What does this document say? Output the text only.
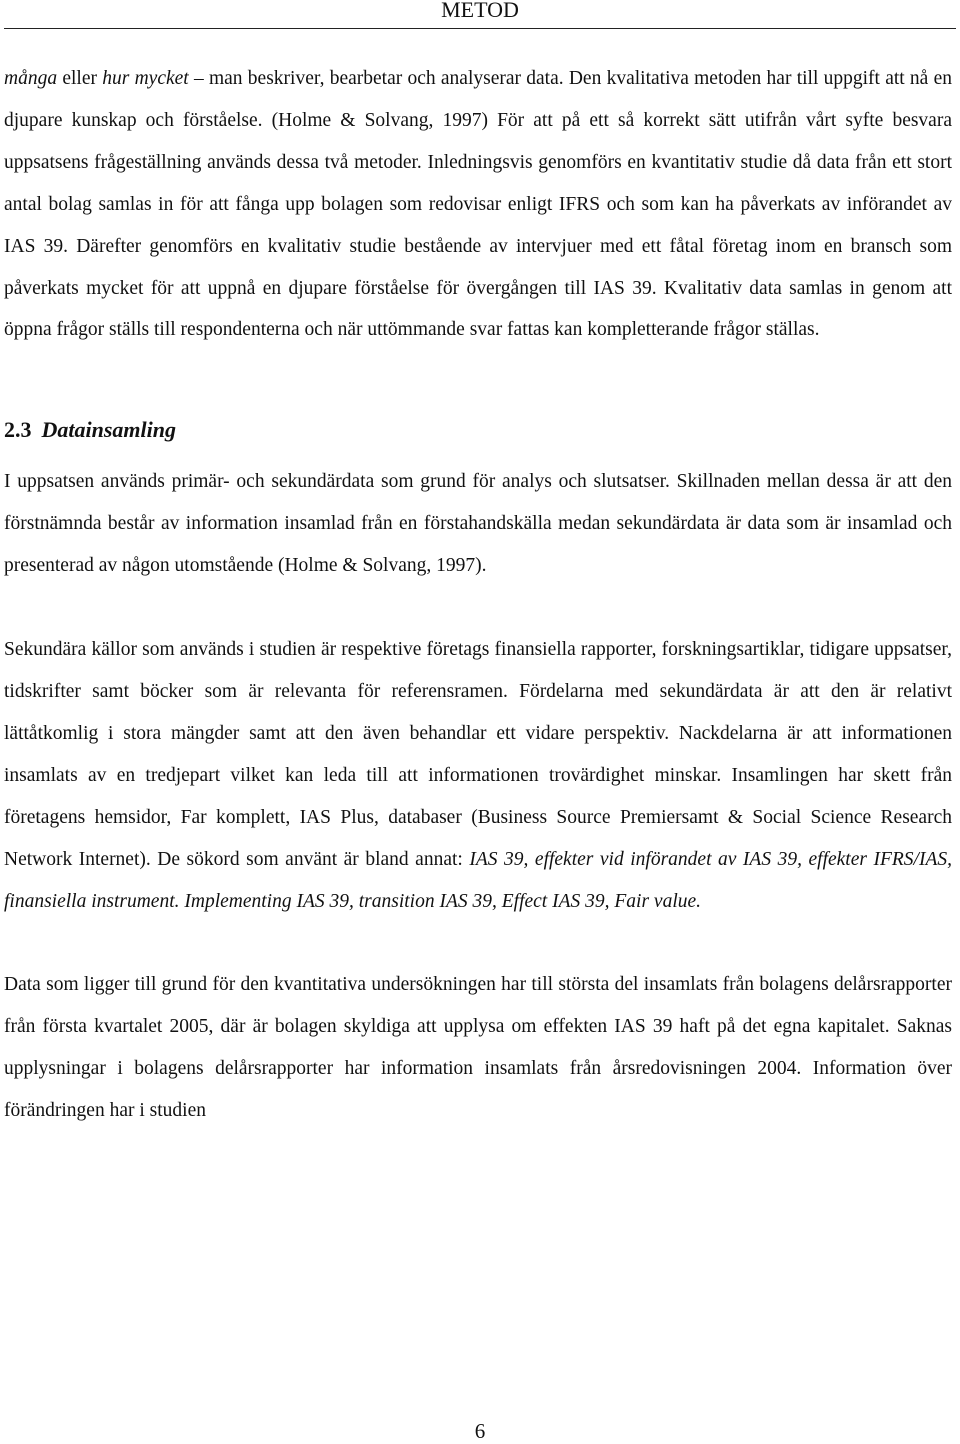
METOD

många eller hur mycket – man beskriver, bearbetar och analyserar data. Den kvalitativa metoden har till uppgift att nå en djupare kunskap och förståelse. (Holme & Solvang, 1997) För att på ett så korrekt sätt utifrån vårt syfte besvara uppsatsens frågeställning används dessa två metoder. Inledningsvis genomförs en kvantitativ studie då data från ett stort antal bolag samlas in för att fånga upp bolagen som redovisar enligt IFRS och som kan ha påverkats av införandet av IAS 39. Därefter genomförs en kvalitativ studie bestående av intervjuer med ett fåtal företag inom en bransch som påverkats mycket för att uppnå en djupare förståelse för övergången till IAS 39. Kvalitativ data samlas in genom att öppna frågor ställs till respondenterna och när uttömmande svar fattas kan kompletterande frågor ställas.

2.3 Datainsamling

I uppsatsen används primär- och sekundärdata som grund för analys och slutsatser. Skillnaden mellan dessa är att den förstnämnda består av information insamlad från en förstahandskälla medan sekundärdata är data som är insamlad och presenterad av någon utomstående (Holme & Solvang, 1997).

Sekundära källor som används i studien är respektive företags finansiella rapporter, forskningsartiklar, tidigare uppsatser, tidskrifter samt böcker som är relevanta för referensramen. Fördelarna med sekundärdata är att den är relativt lättåtkomlig i stora mängder samt att den även behandlar ett vidare perspektiv. Nackdelarna är att informationen insamlats av en tredjepart vilket kan leda till att informationen trovärdighet minskar. Insamlingen har skett från företagens hemsidor, Far komplett, IAS Plus, databaser (Business Source Premiersamt & Social Science Research Network Internet). De sökord som använt är bland annat: IAS 39, effekter vid införandet av IAS 39, effekter IFRS/IAS, finansiella instrument. Implementing IAS 39, transition IAS 39, Effect IAS 39, Fair value.

Data som ligger till grund för den kvantitativa undersökningen har till största del insamlats från bolagens delårsrapporter från första kvartalet 2005, där är bolagen skyldiga att upplysa om effekten IAS 39 haft på det egna kapitalet. Saknas upplysningar i bolagens delårsrapporter har information insamlats från årsredovisningen 2004. Information över förändringen har i studien

6
